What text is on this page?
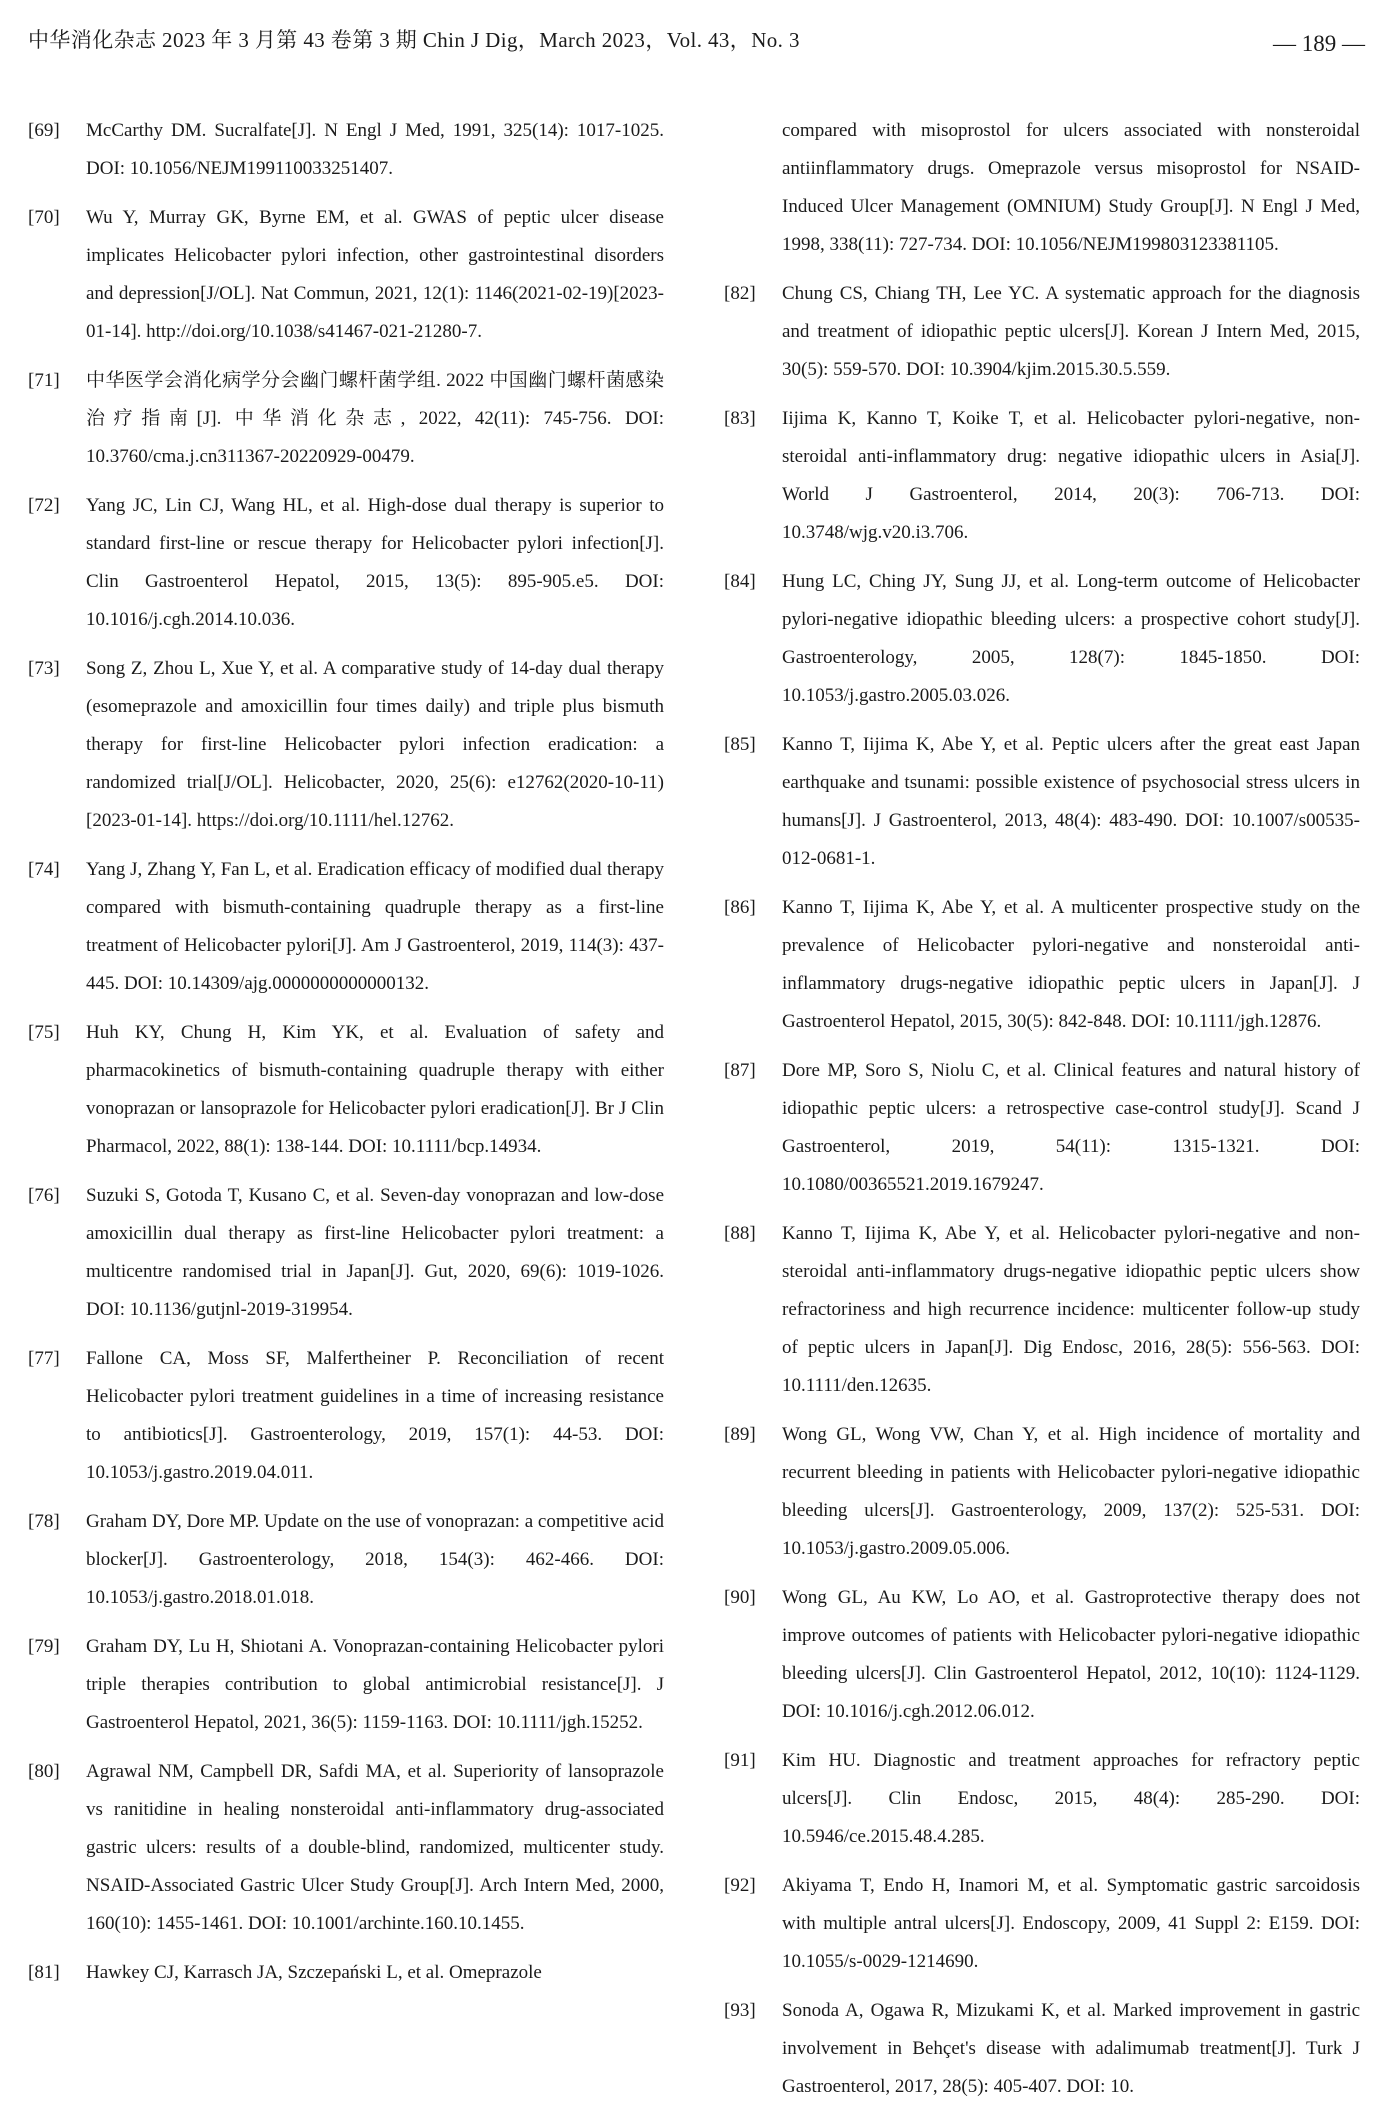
中华消化杂志 2023 年 3 月第 43 卷第 3 期 Chin J Dig，March 2023，Vol. 43，No. 3	— 189 —
[69]	McCarthy DM. Sucralfate[J]. N Engl J Med, 1991, 325(14): 1017-1025. DOI: 10.1056/NEJM199110033251407.
[70]	Wu Y, Murray GK, Byrne EM, et al. GWAS of peptic ulcer disease implicates Helicobacter pylori infection, other gastrointestinal disorders and depression[J/OL]. Nat Commun, 2021, 12(1): 1146(2021-02-19)[2023-01-14]. http://doi.org/10.1038/s41467-021-21280-7.
[71]	中华医学会消化病学分会幽门螺杆菌学组. 2022 中国幽门螺杆菌感染治疗指南[J]. 中华消化杂志, 2022, 42(11): 745-756. DOI: 10.3760/cma.j.cn311367-20220929-00479.
[72]	Yang JC, Lin CJ, Wang HL, et al. High-dose dual therapy is superior to standard first-line or rescue therapy for Helicobacter pylori infection[J]. Clin Gastroenterol Hepatol, 2015, 13(5): 895-905.e5. DOI: 10.1016/j.cgh.2014.10.036.
[73]	Song Z, Zhou L, Xue Y, et al. A comparative study of 14-day dual therapy (esomeprazole and amoxicillin four times daily) and triple plus bismuth therapy for first-line Helicobacter pylori infection eradication: a randomized trial[J/OL]. Helicobacter, 2020, 25(6): e12762(2020-10-11)[2023-01-14]. https://doi.org/10.1111/hel.12762.
[74]	Yang J, Zhang Y, Fan L, et al. Eradication efficacy of modified dual therapy compared with bismuth-containing quadruple therapy as a first-line treatment of Helicobacter pylori[J]. Am J Gastroenterol, 2019, 114(3): 437-445. DOI: 10.14309/ajg.0000000000000132.
[75]	Huh KY, Chung H, Kim YK, et al. Evaluation of safety and pharmacokinetics of bismuth-containing quadruple therapy with either vonoprazan or lansoprazole for Helicobacter pylori eradication[J]. Br J Clin Pharmacol, 2022, 88(1): 138-144. DOI: 10.1111/bcp.14934.
[76]	Suzuki S, Gotoda T, Kusano C, et al. Seven-day vonoprazan and low-dose amoxicillin dual therapy as first-line Helicobacter pylori treatment: a multicentre randomised trial in Japan[J]. Gut, 2020, 69(6): 1019-1026. DOI: 10.1136/gutjnl-2019-319954.
[77]	Fallone CA, Moss SF, Malfertheiner P. Reconciliation of recent Helicobacter pylori treatment guidelines in a time of increasing resistance to antibiotics[J]. Gastroenterology, 2019, 157(1): 44-53. DOI: 10.1053/j.gastro.2019.04.011.
[78]	Graham DY, Dore MP. Update on the use of vonoprazan: a competitive acid blocker[J]. Gastroenterology, 2018, 154(3): 462-466. DOI: 10.1053/j.gastro.2018.01.018.
[79]	Graham DY, Lu H, Shiotani A. Vonoprazan-containing Helicobacter pylori triple therapies contribution to global antimicrobial resistance[J]. J Gastroenterol Hepatol, 2021, 36(5): 1159-1163. DOI: 10.1111/jgh.15252.
[80]	Agrawal NM, Campbell DR, Safdi MA, et al. Superiority of lansoprazole vs ranitidine in healing nonsteroidal anti-inflammatory drug-associated gastric ulcers: results of a double-blind, randomized, multicenter study. NSAID-Associated Gastric Ulcer Study Group[J]. Arch Intern Med, 2000, 160(10): 1455-1461. DOI: 10.1001/archinte.160.10.1455.
[81]	Hawkey CJ, Karrasch JA, Szczepański L, et al. Omeprazole
compared with misoprostol for ulcers associated with nonsteroidal antiinflammatory drugs. Omeprazole versus misoprostol for NSAID-Induced Ulcer Management (OMNIUM) Study Group[J]. N Engl J Med, 1998, 338(11): 727-734. DOI: 10.1056/NEJM199803123381105.
[82]	Chung CS, Chiang TH, Lee YC. A systematic approach for the diagnosis and treatment of idiopathic peptic ulcers[J]. Korean J Intern Med, 2015, 30(5): 559-570. DOI: 10.3904/kjim.2015.30.5.559.
[83]	Iijima K, Kanno T, Koike T, et al. Helicobacter pylori-negative, non-steroidal anti-inflammatory drug: negative idiopathic ulcers in Asia[J]. World J Gastroenterol, 2014, 20(3): 706-713. DOI: 10.3748/wjg.v20.i3.706.
[84]	Hung LC, Ching JY, Sung JJ, et al. Long-term outcome of Helicobacter pylori-negative idiopathic bleeding ulcers: a prospective cohort study[J]. Gastroenterology, 2005, 128(7): 1845-1850. DOI: 10.1053/j.gastro.2005.03.026.
[85]	Kanno T, Iijima K, Abe Y, et al. Peptic ulcers after the great east Japan earthquake and tsunami: possible existence of psychosocial stress ulcers in humans[J]. J Gastroenterol, 2013, 48(4): 483-490. DOI: 10.1007/s00535-012-0681-1.
[86]	Kanno T, Iijima K, Abe Y, et al. A multicenter prospective study on the prevalence of Helicobacter pylori-negative and nonsteroidal anti-inflammatory drugs-negative idiopathic peptic ulcers in Japan[J]. J Gastroenterol Hepatol, 2015, 30(5): 842-848. DOI: 10.1111/jgh.12876.
[87]	Dore MP, Soro S, Niolu C, et al. Clinical features and natural history of idiopathic peptic ulcers: a retrospective case-control study[J]. Scand J Gastroenterol, 2019, 54(11): 1315-1321. DOI: 10.1080/00365521.2019.1679247.
[88]	Kanno T, Iijima K, Abe Y, et al. Helicobacter pylori-negative and non-steroidal anti-inflammatory drugs-negative idiopathic peptic ulcers show refractoriness and high recurrence incidence: multicenter follow-up study of peptic ulcers in Japan[J]. Dig Endosc, 2016, 28(5): 556-563. DOI: 10.1111/den.12635.
[89]	Wong GL, Wong VW, Chan Y, et al. High incidence of mortality and recurrent bleeding in patients with Helicobacter pylori-negative idiopathic bleeding ulcers[J]. Gastroenterology, 2009, 137(2): 525-531. DOI: 10.1053/j.gastro.2009.05.006.
[90]	Wong GL, Au KW, Lo AO, et al. Gastroprotective therapy does not improve outcomes of patients with Helicobacter pylori-negative idiopathic bleeding ulcers[J]. Clin Gastroenterol Hepatol, 2012, 10(10): 1124-1129. DOI: 10.1016/j.cgh.2012.06.012.
[91]	Kim HU. Diagnostic and treatment approaches for refractory peptic ulcers[J]. Clin Endosc, 2015, 48(4): 285-290. DOI: 10.5946/ce.2015.48.4.285.
[92]	Akiyama T, Endo H, Inamori M, et al. Symptomatic gastric sarcoidosis with multiple antral ulcers[J]. Endoscopy, 2009, 41 Suppl 2: E159. DOI: 10.1055/s-0029-1214690.
[93]	Sonoda A, Ogawa R, Mizukami K, et al. Marked improvement in gastric involvement in Behçet's disease with adalimumab treatment[J]. Turk J Gastroenterol, 2017, 28(5): 405-407. DOI: 10.
